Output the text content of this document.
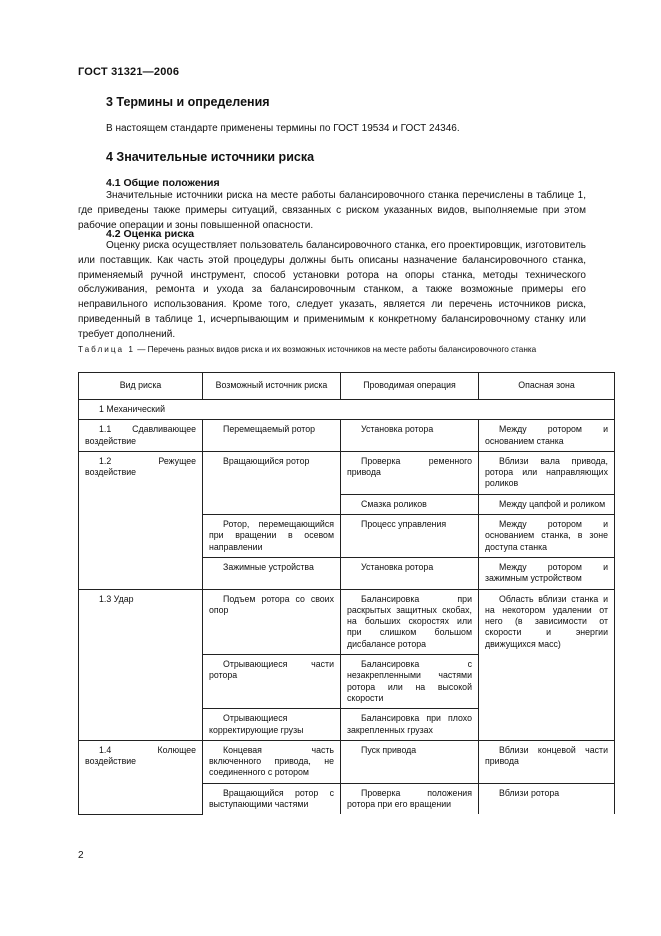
ГОСТ 31321—2006
3 Термины и определения
В настоящем стандарте применены термины по ГОСТ 19534 и ГОСТ 24346.
4 Значительные источники риска
4.1 Общие положения
Значительные источники риска на месте работы балансировочного станка перечислены в таблице 1, где приведены также примеры ситуаций, связанных с риском указанных видов, выполняемые при этом рабочие операции и зоны повышенной опасности.
4.2 Оценка риска
Оценку риска осуществляет пользователь балансировочного станка, его проектировщик, изготовитель или поставщик. Как часть этой процедуры должны быть описаны назначение балансировочного станка, применяемый ручной инструмент, способ установки ротора на опоры станка, методы технического обслуживания, ремонта и ухода за балансировочным станком, а также возможные примеры его неправильного использования. Кроме того, следует указать, является ли перечень источников риска, приведенный в таблице 1, исчерпывающим и применимым к конкретному балансировочному станку или требует дополнений.
Таблица 1 — Перечень разных видов риска и их возможных источников на месте работы балансировочного станка
Вид риска	Возможный источник риска	Проводимая операция	Опасная зона
1 Механический			
1.1 Сдавливающее воздействие	Перемещаемый ротор	Установка ротора	Между ротором и основанием станка
1.2 Режущее воздействие	Вращающийся ротор	Проверка ременного привода	Вблизи вала привода, ротора или направляющих роликов
		Смазка роликов	Между цапфой и роликом
	Ротор, перемещающийся при вращении в осевом направлении	Процесс управления	Между ротором и основанием станка, в зоне доступа станка
	Зажимные устройства	Установка ротора	Между ротором и зажимным устройством
1.3 Удар	Подъем ротора со своих опор	Балансировка при раскрытых защитных скобах, на больших скоростях или при слишком большом дисбалансе ротора	Область вблизи станка и на некотором удалении от него (в зависимости от скорости и энергии движущихся масс)
	Отрывающиеся части ротора	Балансировка с незакрепленными частями ротора или на высокой скорости	
	Отрывающиеся корректирующие грузы	Балансировка при плохо закрепленных грузах	
1.4 Колющее воздействие	Концевая часть включенного привода, не соединенного с ротором	Пуск привода	Вблизи концевой части привода
	Вращающийся ротор с выступающими частями	Проверка положения ротора при его вращении	Вблизи ротора
2
